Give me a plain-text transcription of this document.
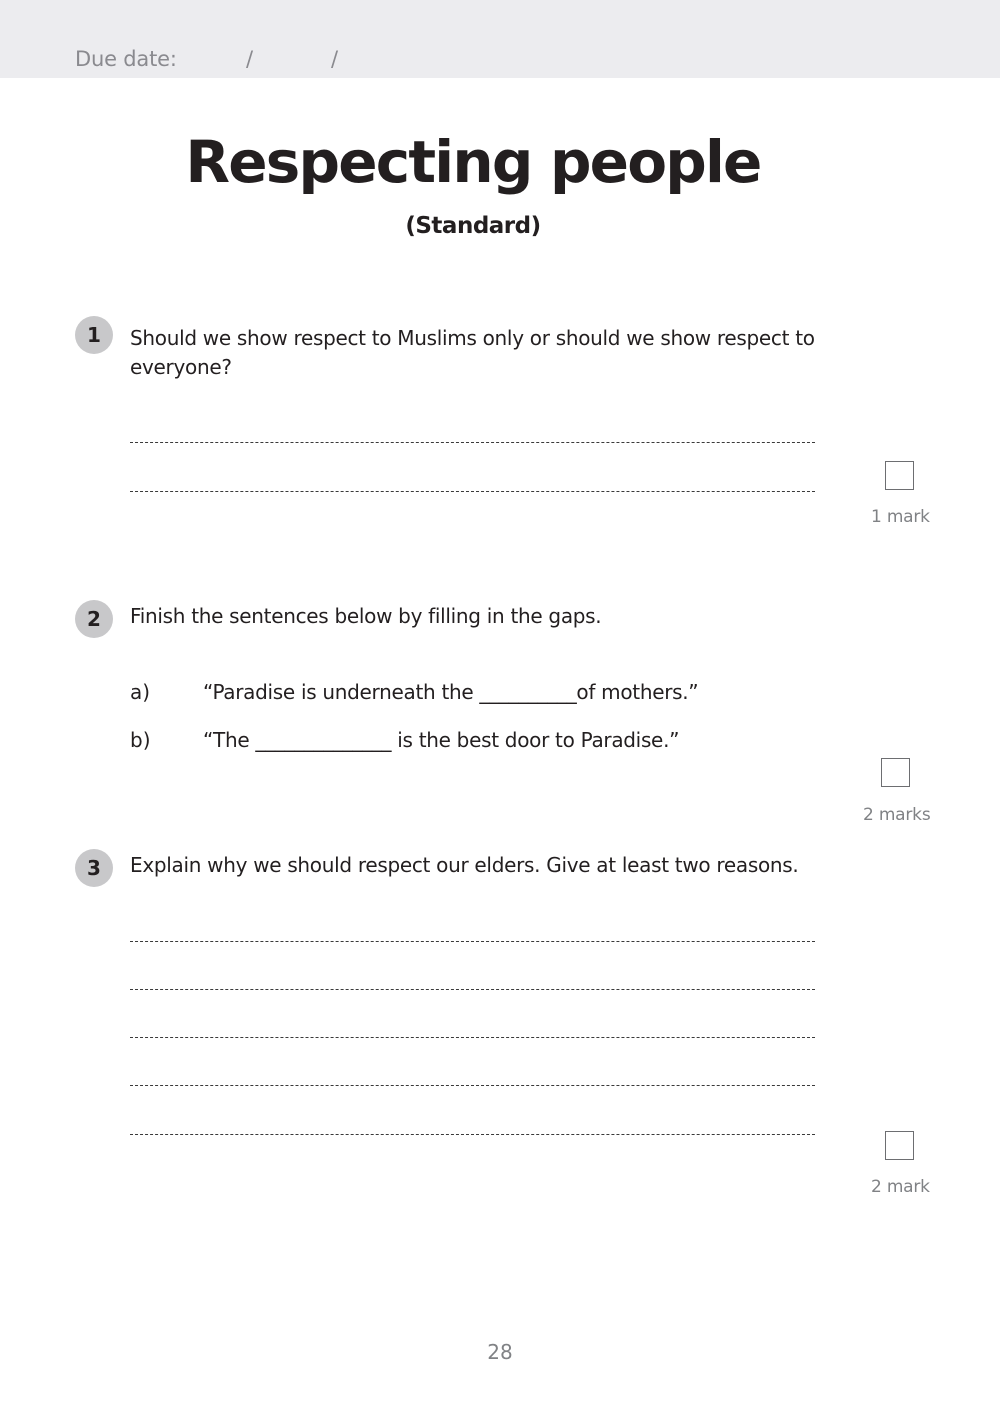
Due date:	/	/
Respecting people
(Standard)
1	Should we show respect to Muslims only or should we show respect to everyone?
1 mark
2	Finish the sentences below by filling in the gaps.
a)	“Paradise is underneath the __________of mothers.”
b)	“The ______________ is the best door to Paradise.”
2 marks
3	Explain why we should respect our elders. Give at least two reasons.
2 mark
28
